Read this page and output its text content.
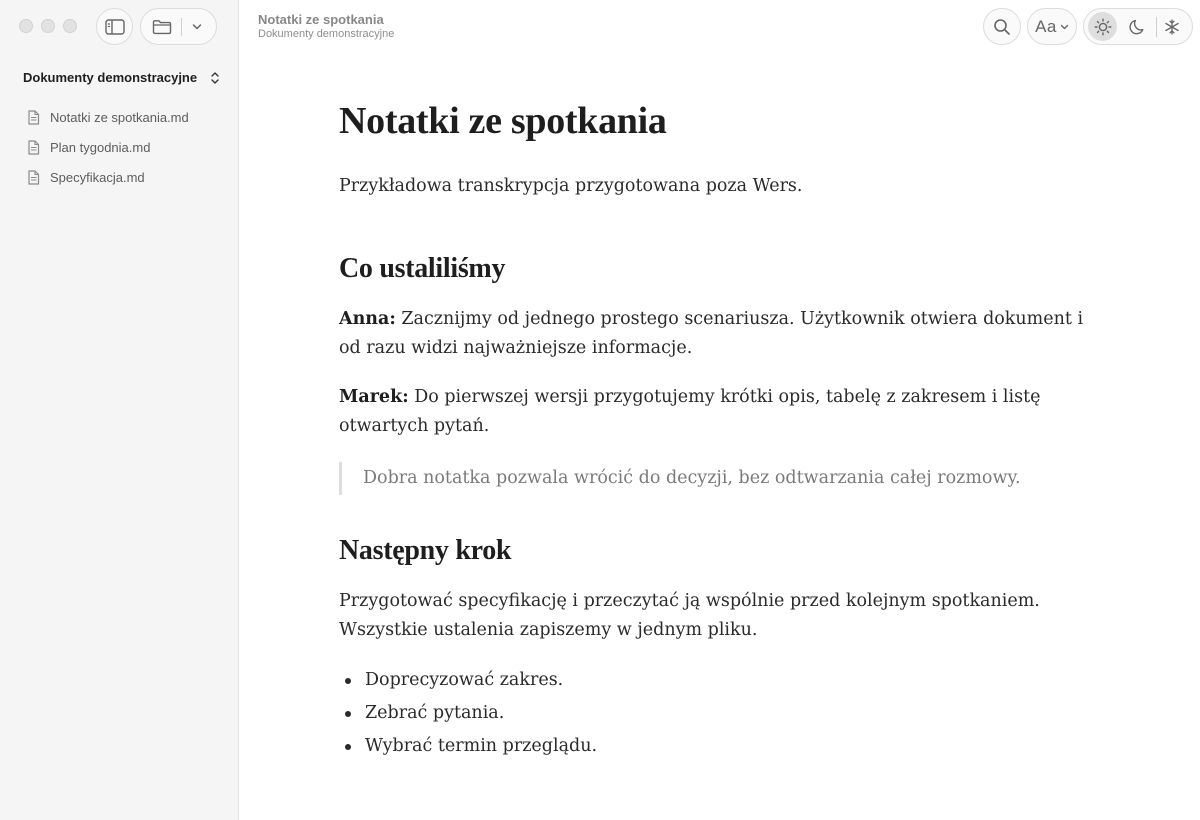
Dokumenty demonstracyjne
Notatki ze spotkania.md
Plan tygodnia.md
Specyfikacja.md
Notatki ze spotkania
Dokumenty demonstracyjne	Aa
Notatki ze spotkania

Przykładowa transkrypcja przygotowana poza Wers.

Co ustaliliśmy

Anna: Zacznijmy od jednego prostego scenariusza. Użytkownik otwiera dokument i od razu widzi najważniejsze informacje.

Marek: Do pierwszej wersji przygotujemy krótki opis, tabelę z zakresem i listę otwartych pytań.

Dobra notatka pozwala wrócić do decyzji, bez odtwarzania całej rozmowy.
Następny krok

Przygotować specyfikację i przeczytać ją wspólnie przed kolejnym spotkaniem. Wszystkie ustalenia zapiszemy w jednym pliku.

Doprecyzować zakres.
Zebrać pytania.
Wybrać termin przeglądu.
